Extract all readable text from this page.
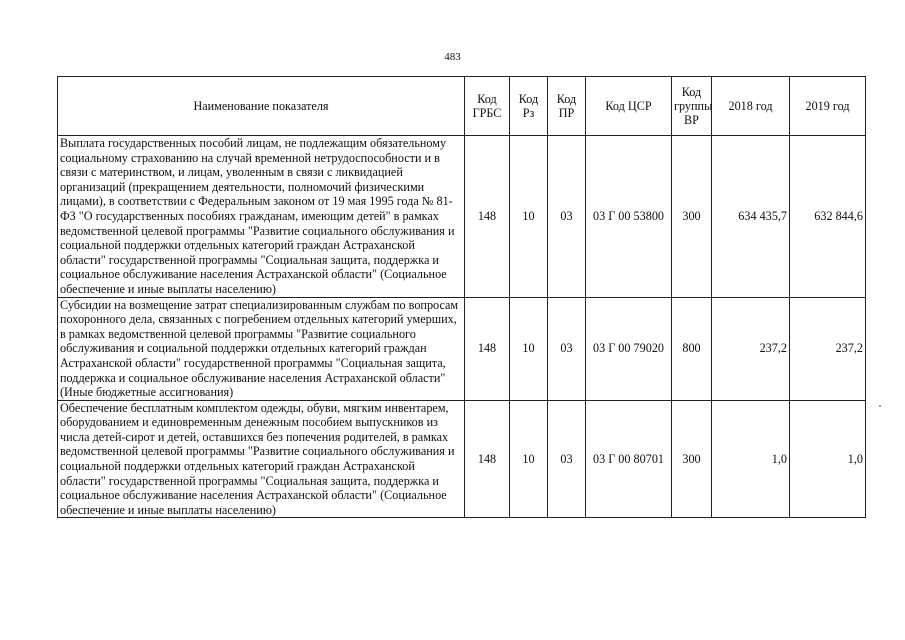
483
Наименование показателя	Код ГРБС	Код Рз	Код ПР	Код ЦСР	Код группы ВР	2018 год	2019 год
Выплата государственных пособий лицам, не подлежащим обязательному социальному страхованию на случай временной нетрудоспособности и в связи с материнством, и лицам, уволенным в связи с ликвидацией организаций (прекращением деятельности, полномочий физическими лицами), в соответствии с Федеральным законом от 19 мая 1995 года № 81-ФЗ "О государственных пособиях гражданам, имеющим детей" в рамках ведомственной целевой программы "Развитие социального обслуживания и социальной поддержки отдельных категорий граждан Астраханской области" государственной программы "Социальная защита, поддержка и социальное обслуживание населения Астраханской области" (Социальное обеспечение и иные выплаты населению)	148	10	03	03 Г 00 53800	300	634 435,7	632 844,6
Субсидии на возмещение затрат специализированным службам по вопросам похоронного дела, связанных с погребением отдельных категорий умерших, в рамках ведомственной целевой программы "Развитие социального обслуживания и социальной поддержки отдельных категорий граждан Астраханской области" государственной программы "Социальная защита, поддержка и социальное обслуживание населения Астраханской области" (Иные бюджетные ассигнования)	148	10	03	03 Г 00 79020	800	237,2	237,2
Обеспечение бесплатным комплектом одежды, обуви, мягким инвентарем, оборудованием и единовременным денежным пособием выпускников из числа детей-сирот и детей, оставшихся без попечения родителей, в рамках ведомственной целевой программы "Развитие социального обслуживания и социальной поддержки отдельных категорий граждан Астраханской области" государственной программы "Социальная защита, поддержка и социальное обслуживание населения Астраханской области" (Социальное обеспечение и иные выплаты населению)	148	10	03	03 Г 00 80701	300	1,0	1,0
